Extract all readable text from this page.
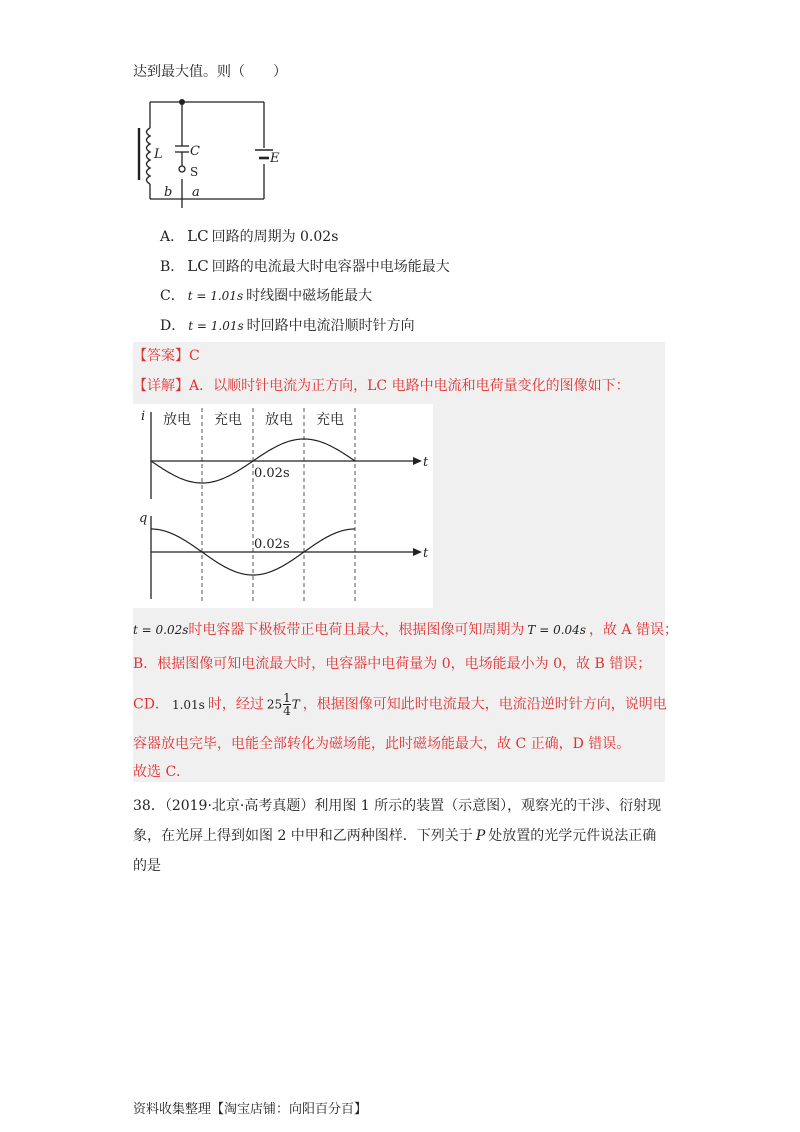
达到最大值。则（　　）
L C	E
b a
S
A． LC 回路的周期为 0.02s
B． LC 回路的电流最大时电容器中电场能最大
C． t = 1.01s 时线圈中磁场能最大
D． t = 1.01s 时回路中电流沿顺时针方向
【答案】C
【详解】A．以顺时针电流为正方向，LC 电路中电流和电荷量变化的图像如下：
i
q
t
t
放电 充电 放电 充电
0.02s
0.02s
t = 0.02s时电容器下极板带正电荷且最大，根据图像可知周期为 T = 0.04s ，故 A 错误；
B．根据图像可知电流最大时，电容器中电荷量为 0，电场能最小为 0，故 B 错误；
CD． 1.01s 时，经过 $25 \frac{1}{4}$ T ，根据图像可知此时电流最大，电流沿逆时针方向，说明电
容器放电完毕，电能全部转化为磁场能，此时磁场能最大，故 C 正确，D 错误。
故选 C．
38．（2019·北京·高考真题）利用图 1 所示的装置（示意图），观察光的干涉、衍射现
象，在光屏上得到如图 2 中甲和乙两种图样．下列关于 P 处放置的光学元件说法正确
的是
资料收集整理【淘宝店铺：向阳百分百】
